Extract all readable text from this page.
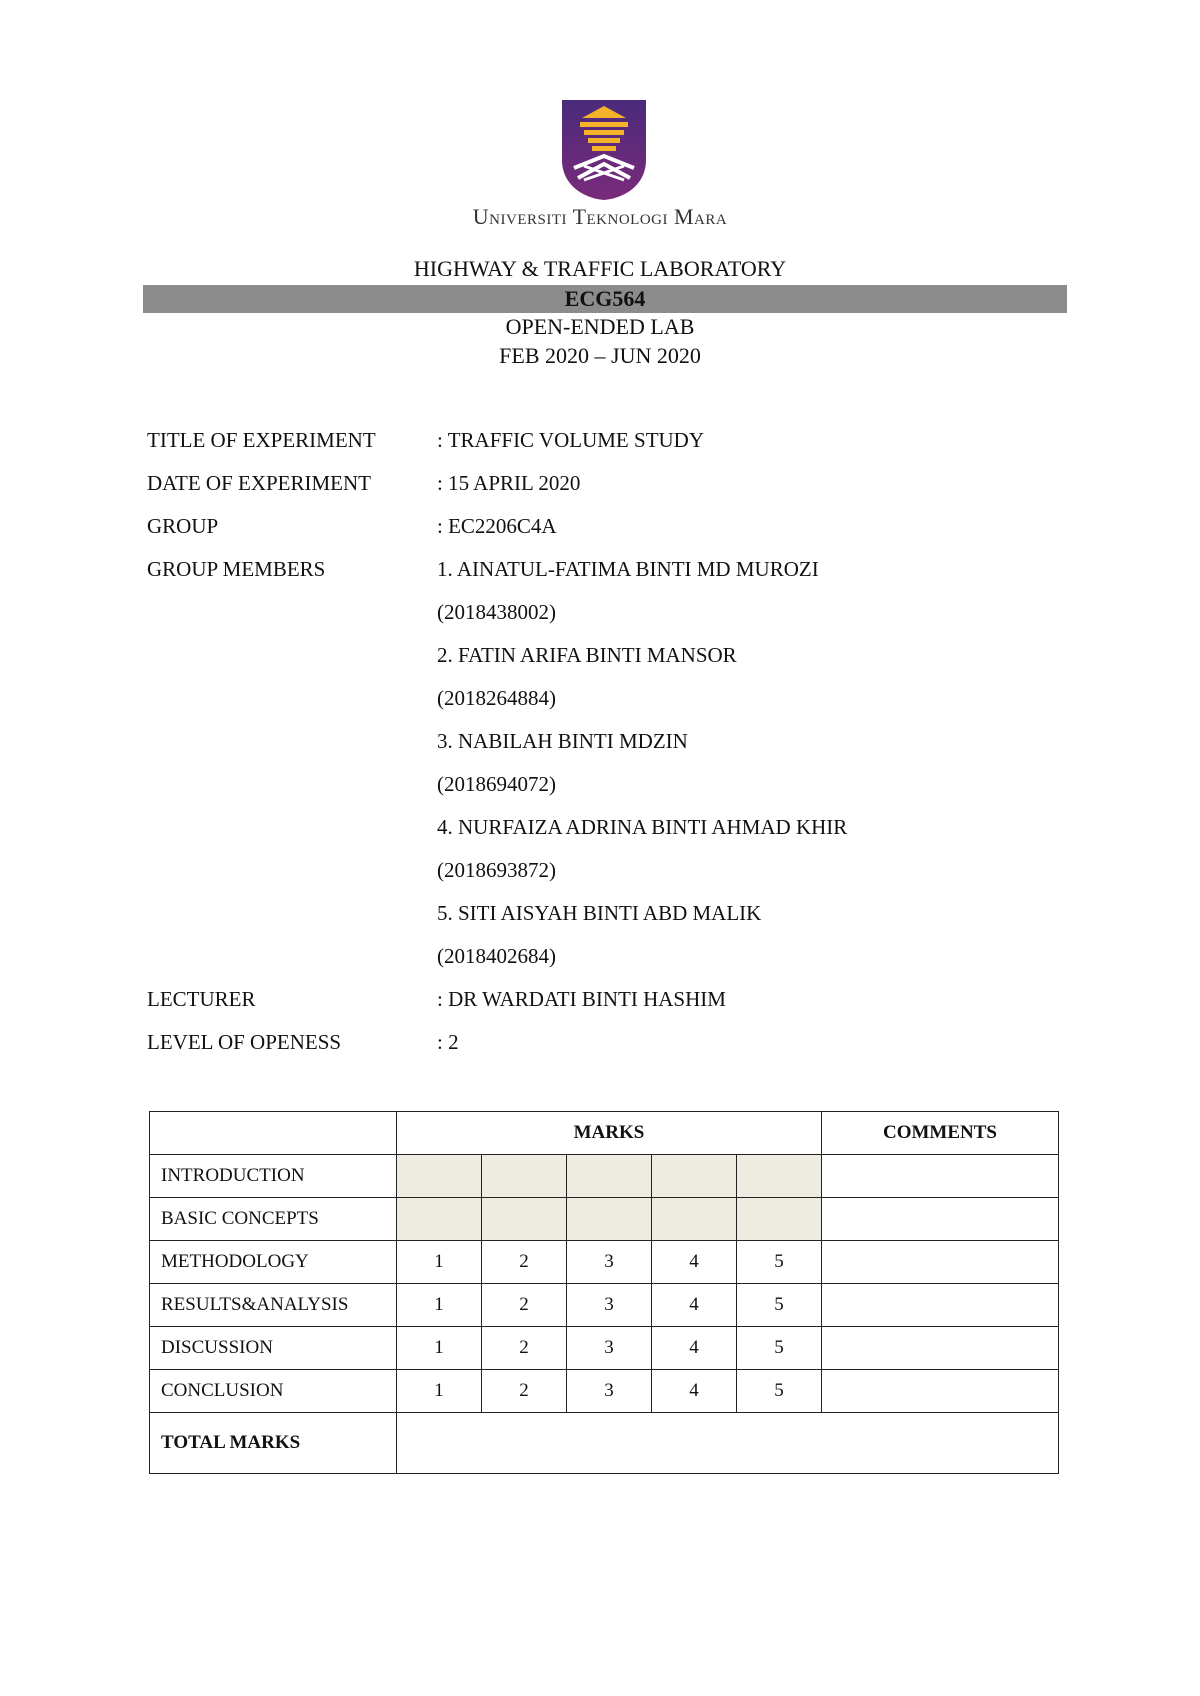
Universiti Teknologi Mara
HIGHWAY & TRAFFIC LABORATORY
ECG564
OPEN-ENDED LAB
FEB 2020 – JUN 2020
TITLE OF EXPERIMENT	: TRAFFIC VOLUME STUDY
DATE OF EXPERIMENT	: 15 APRIL 2020
GROUP	: EC2206C4A
GROUP MEMBERS	1. AINATUL-FATIMA BINTI MD MUROZI
(2018438002)
2. FATIN ARIFA BINTI MANSOR
(2018264884)
3. NABILAH BINTI MDZIN
(2018694072)
4. NURFAIZA ADRINA BINTI AHMAD KHIR
(2018693872)
5. SITI AISYAH BINTI ABD MALIK
(2018402684)
LECTURER	: DR WARDATI BINTI HASHIM
LEVEL OF OPENESS	: 2
	MARKS					COMMENTS
INTRODUCTION						
BASIC CONCEPTS						
METHODOLOGY	1	2	3	4	5	
RESULTS&ANALYSIS	1	2	3	4	5	
DISCUSSION	1	2	3	4	5	
CONCLUSION	1	2	3	4	5	
TOTAL MARKS						
